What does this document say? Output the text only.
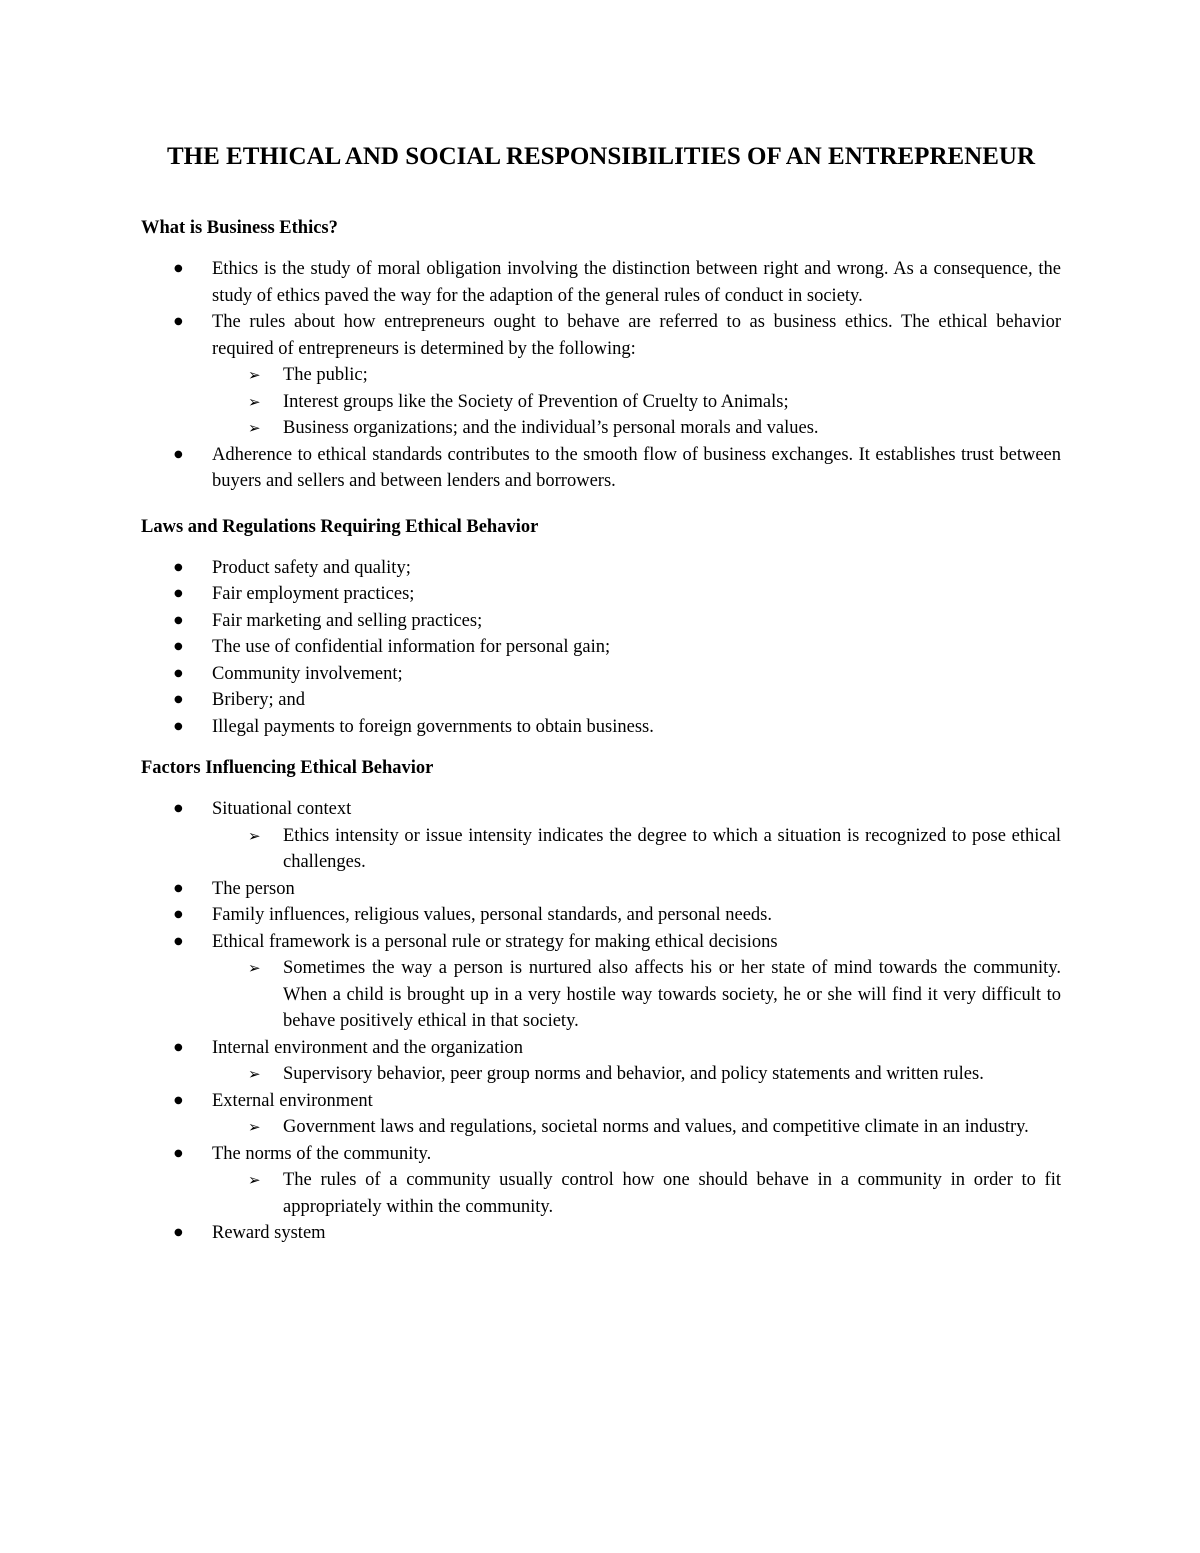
THE ETHICAL AND SOCIAL RESPONSIBILITIES OF AN ENTREPRENEUR
What is Business Ethics?
● Ethics is the study of moral obligation involving the distinction between right and wrong. As a consequence, the study of ethics paved the way for the adaption of the general rules of conduct in society.
● The rules about how entrepreneurs ought to behave are referred to as business ethics. The ethical behavior required of entrepreneurs is determined by the following:
➢ The public;
➢ Interest groups like the Society of Prevention of Cruelty to Animals;
➢ Business organizations; and the individual’s personal morals and values.
● Adherence to ethical standards contributes to the smooth flow of business exchanges. It establishes trust between buyers and sellers and between lenders and borrowers.
Laws and Regulations Requiring Ethical Behavior
● Product safety and quality;
● Fair employment practices;
● Fair marketing and selling practices;
● The use of confidential information for personal gain;
● Community involvement;
● Bribery; and
● Illegal payments to foreign governments to obtain business.
Factors Influencing Ethical Behavior
● Situational context
➢ Ethics intensity or issue intensity indicates the degree to which a situation is recognized to pose ethical challenges.
● The person
● Family influences, religious values, personal standards, and personal needs.
● Ethical framework is a personal rule or strategy for making ethical decisions
➢ Sometimes the way a person is nurtured also affects his or her state of mind towards the community. When a child is brought up in a very hostile way towards society, he or she will find it very difficult to behave positively ethical in that society.
● Internal environment and the organization
➢ Supervisory behavior, peer group norms and behavior, and policy statements and written rules.
● External environment
➢ Government laws and regulations, societal norms and values, and competitive climate in an industry.
● The norms of the community.
➢ The rules of a community usually control how one should behave in a community in order to fit appropriately within the community.
● Reward system
